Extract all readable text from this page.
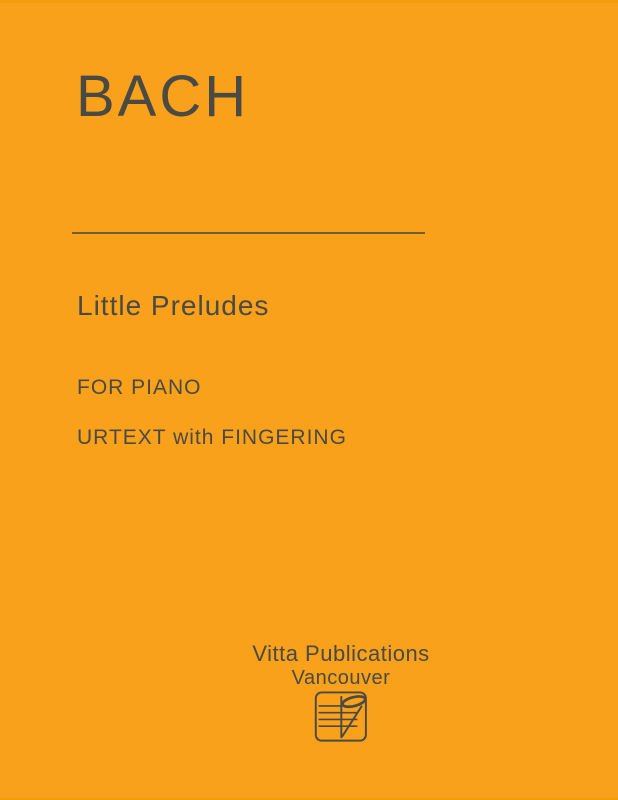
BACH
Little Preludes
FOR PIANO
URTEXT with FINGERING
Vitta Publications
Vancouver
